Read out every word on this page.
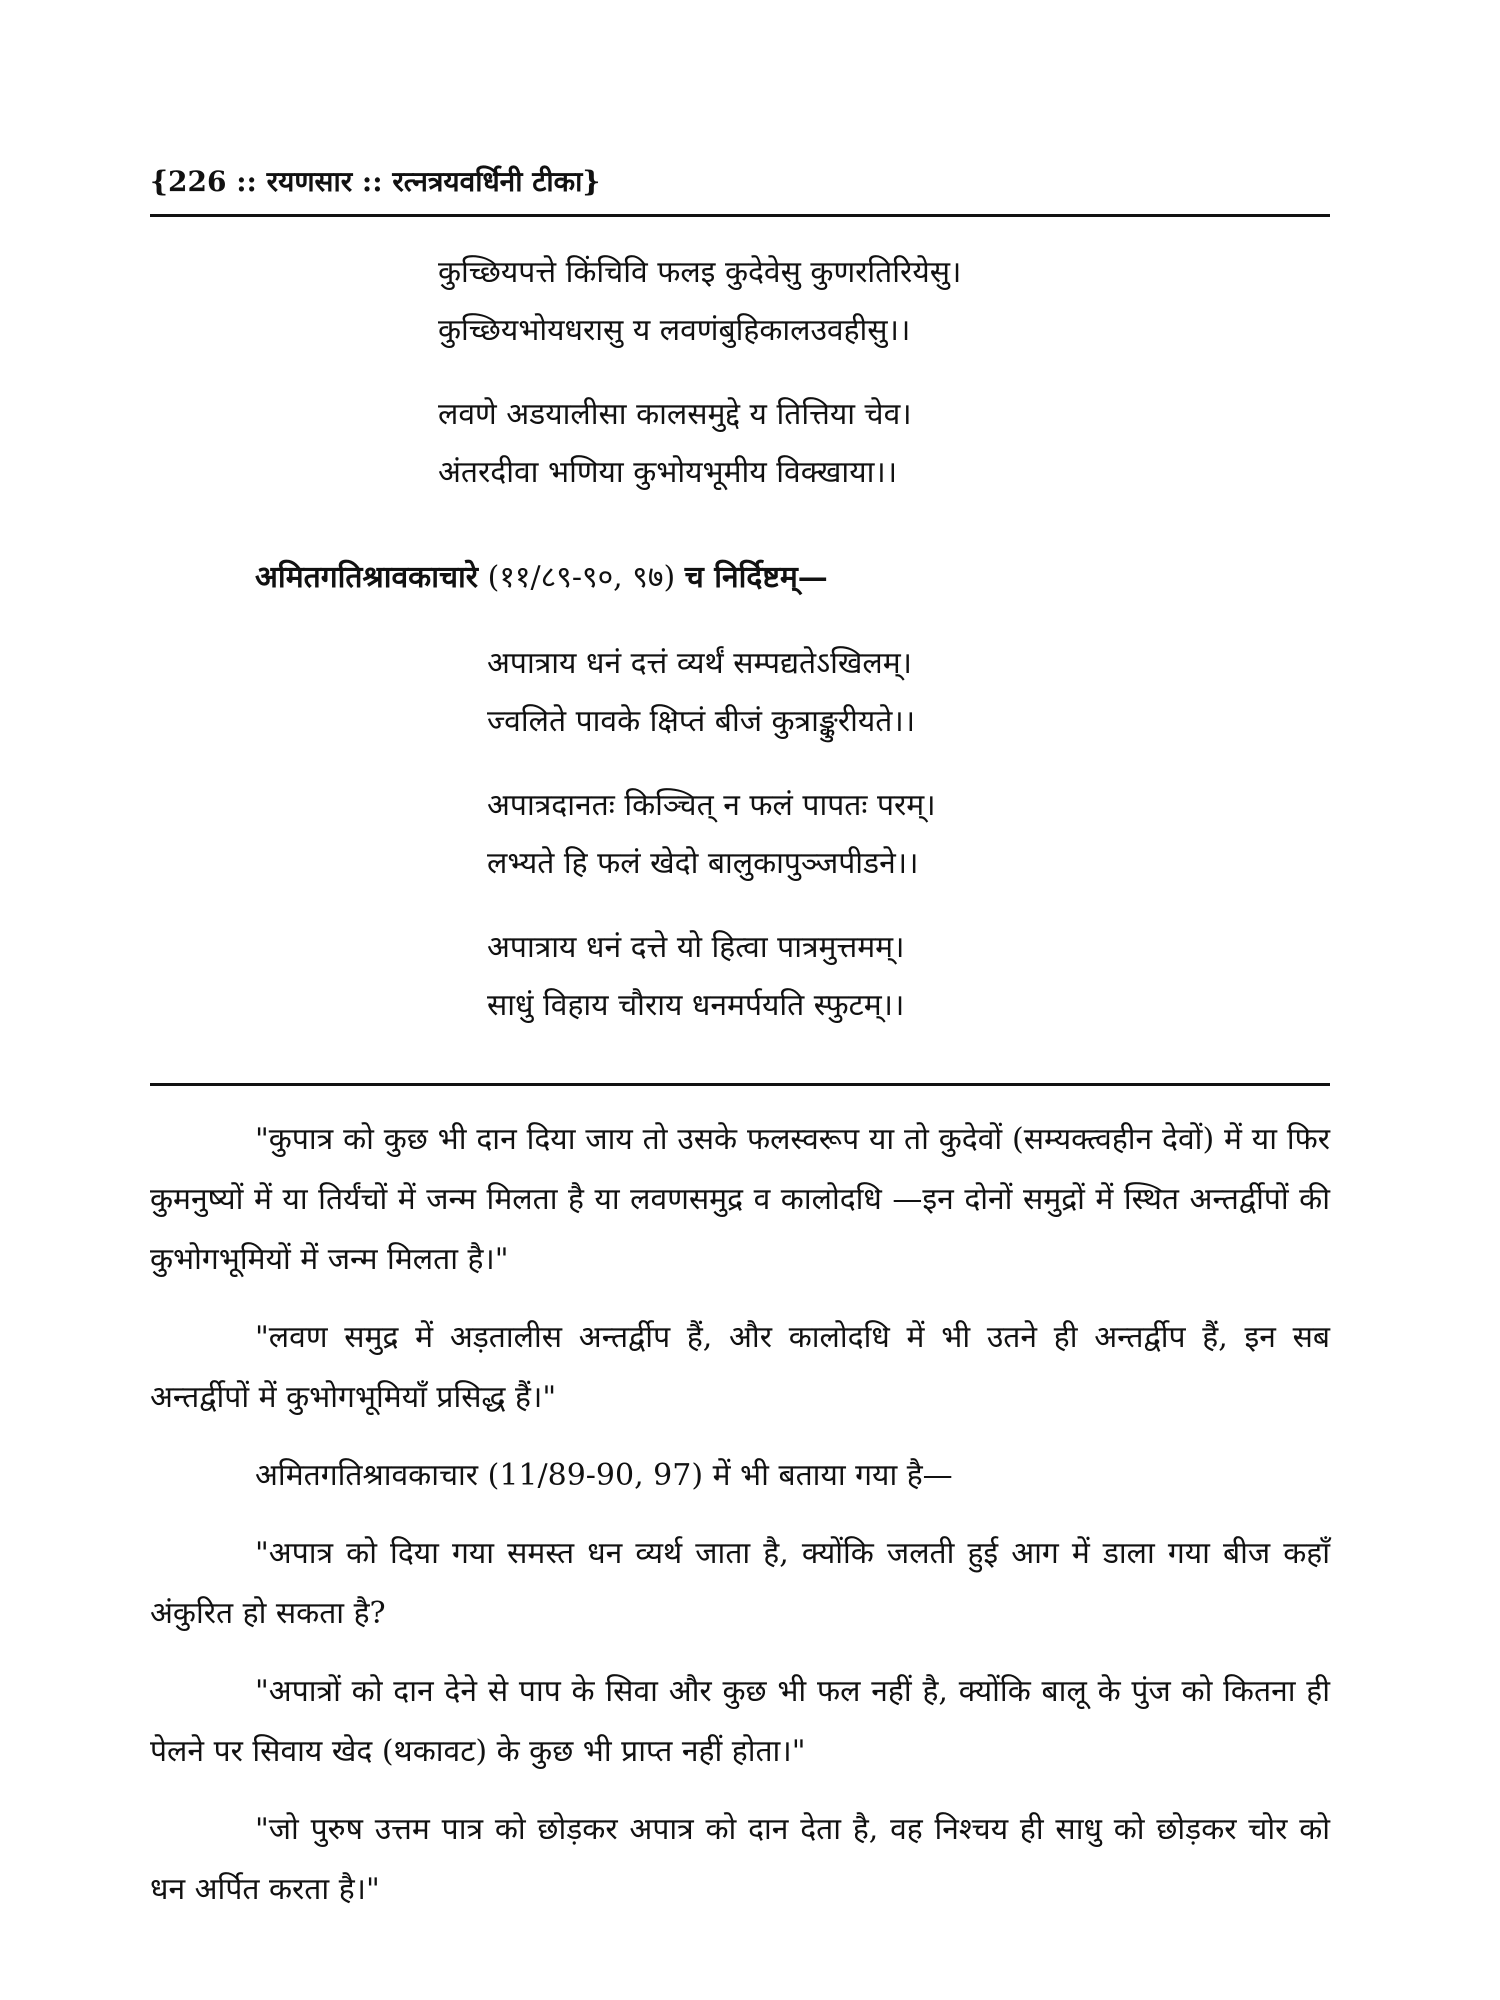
{226 :: रयणसार :: रत्नत्रयवर्धिनी टीका}
कुच्छियपत्ते किंचिवि फलइ कुदेवेसु कुणरतिरियेसु।
कुच्छियभोयधरासु य लवणंबुहिकालउवहीसु।।
लवणे अडयालीसा कालसमुद्दे य तित्तिया चेव।
अंतरदीवा भणिया कुभोयभूमीय विक्खाया।।
अमितगतिश्रावकाचारे (११/८९-९०, ९७) च निर्दिष्टम्—
अपात्राय धनं दत्तं व्यर्थं सम्पद्यतेऽखिलम्।
ज्वलिते पावके क्षिप्तं बीजं कुत्राङ्कुरीयते।।
अपात्रदानतः किञ्चित् न फलं पापतः परम्।
लभ्यते हि फलं खेदो बालुकापुञ्जपीडने।।
अपात्राय धनं दत्ते यो हित्वा पात्रमुत्तमम्।
साधुं विहाय चौराय धनमर्पयति स्फुटम्।।

"कुपात्र को कुछ भी दान दिया जाय तो उसके फलस्वरूप या तो कुदेवों (सम्यक्त्वहीन देवों) में या फिर कुमनुष्यों में या तिर्यंचों में जन्म मिलता है या लवणसमुद्र व कालोदधि —इन दोनों समुद्रों में स्थित अन्तर्द्वीपों की कुभोगभूमियों में जन्म मिलता है।"

"लवण समुद्र में अड़तालीस अन्तर्द्वीप हैं, और कालोदधि में भी उतने ही अन्तर्द्वीप हैं, इन सब अन्तर्द्वीपों में कुभोगभूमियाँ प्रसिद्ध हैं।"

अमितगतिश्रावकाचार (11/89-90, 97) में भी बताया गया है—

"अपात्र को दिया गया समस्त धन व्यर्थ जाता है, क्योंकि जलती हुई आग में डाला गया बीज कहाँ अंकुरित हो सकता है?

"अपात्रों को दान देने से पाप के सिवा और कुछ भी फल नहीं है, क्योंकि बालू के पुंज को कितना ही पेलने पर सिवाय खेद (थकावट) के कुछ भी प्राप्त नहीं होता।"

"जो पुरुष उत्तम पात्र को छोड़कर अपात्र को दान देता है, वह निश्चय ही साधु को छोड़कर चोर को धन अर्पित करता है।"
